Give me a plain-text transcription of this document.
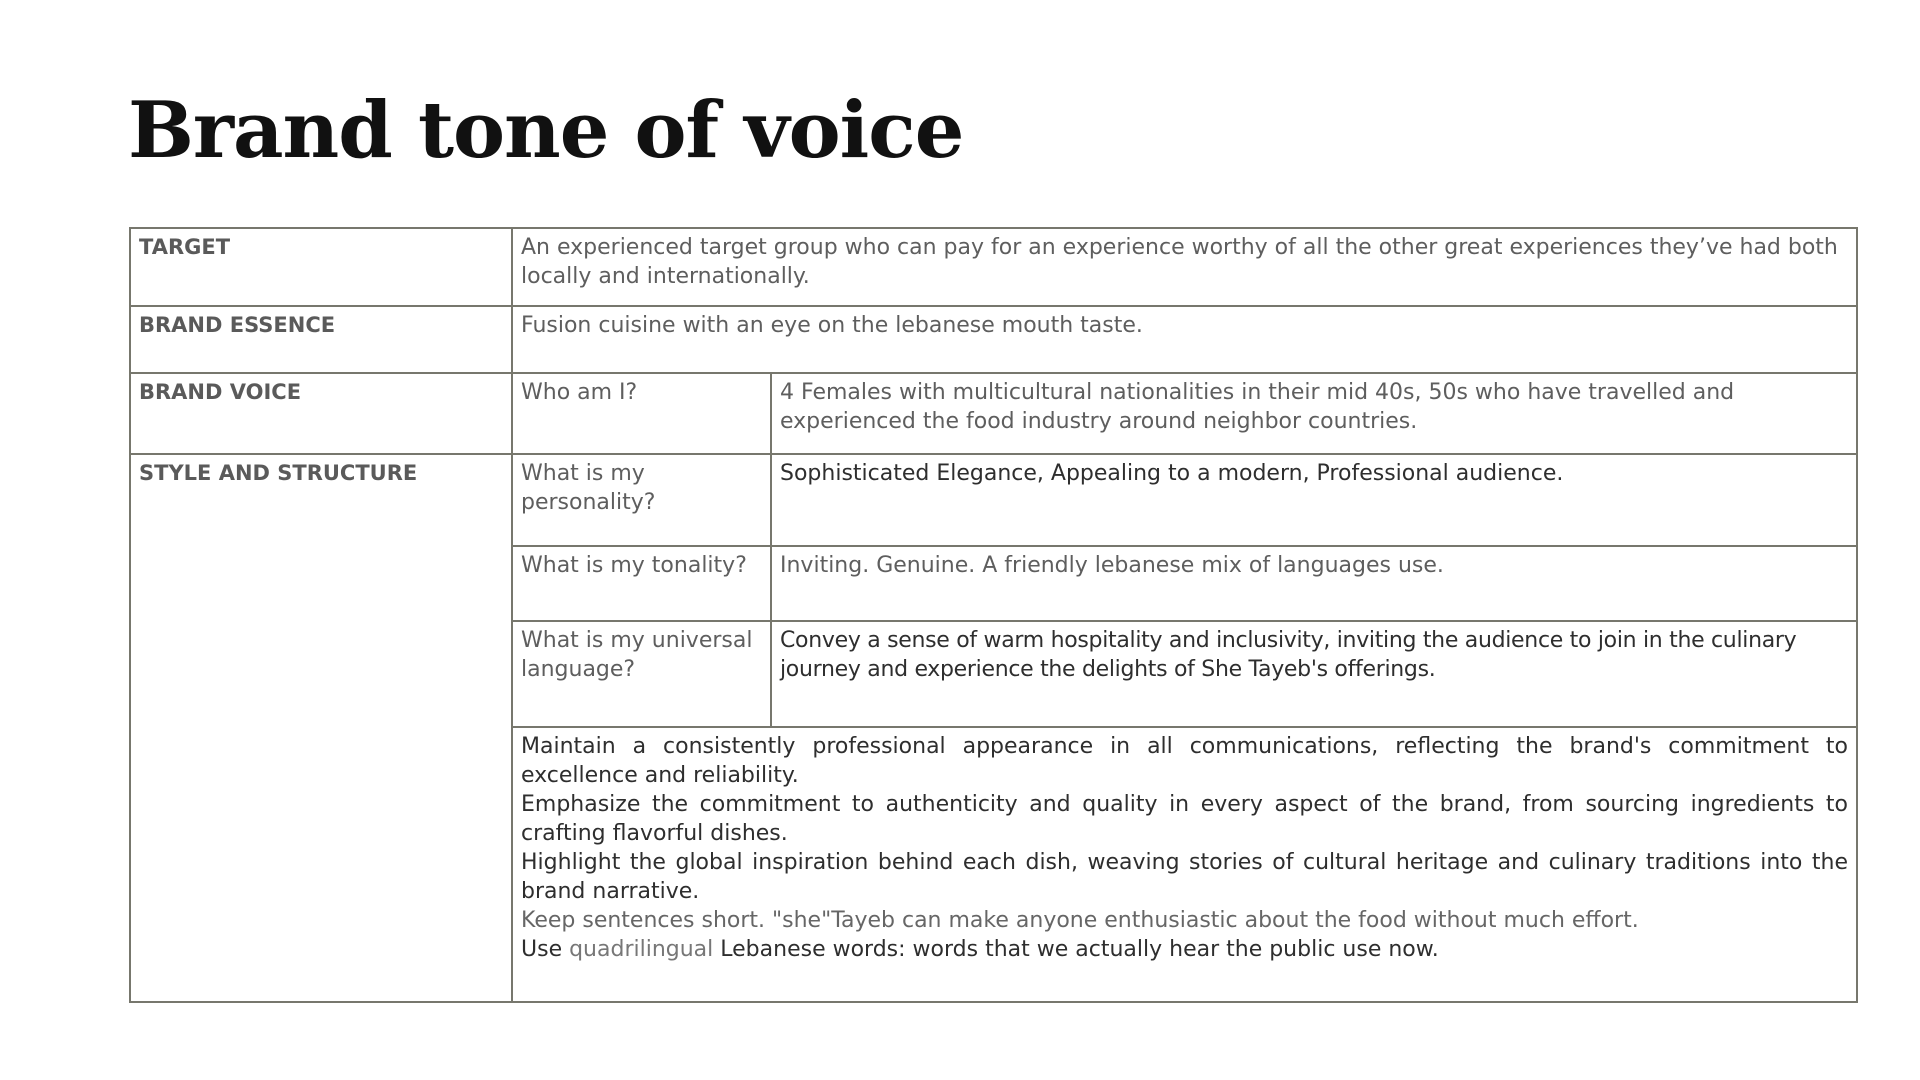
Brand tone of voice
TARGET	An experienced target group who can pay for an experience worthy of all the other great experiences they’ve had both locally and internationally.	
BRAND ESSENCE	Fusion cuisine with an eye on the lebanese mouth taste.	
BRAND VOICE	Who am I?	4 Females with multicultural nationalities in their mid 40s, 50s who have travelled and experienced the food industry around neighbor countries.
STYLE AND STRUCTURE	What is my personality?	Sophisticated Elegance, Appealing to a modern, Professional audience.
	What is my tonality?	Inviting. Genuine. A friendly lebanese mix of languages use.
	What is my universal language?	Convey a sense of warm hospitality and inclusivity, inviting the audience to join in the culinary journey and experience the delights of She Tayeb's offerings.

	Maintain a consistently professional appearance in all communications, reflecting the brand's commitment to excellence and reliability.
Emphasize the commitment to authenticity and quality in every aspect of the brand, from sourcing ingredients to crafting flavorful dishes.
Highlight the global inspiration behind each dish, weaving stories of cultural heritage and culinary traditions into the brand narrative.
Keep sentences short. "she"Tayeb can make anyone enthusiastic about the food without much effort.
Use quadrilingual Lebanese words: words that we actually hear the public use now.	
